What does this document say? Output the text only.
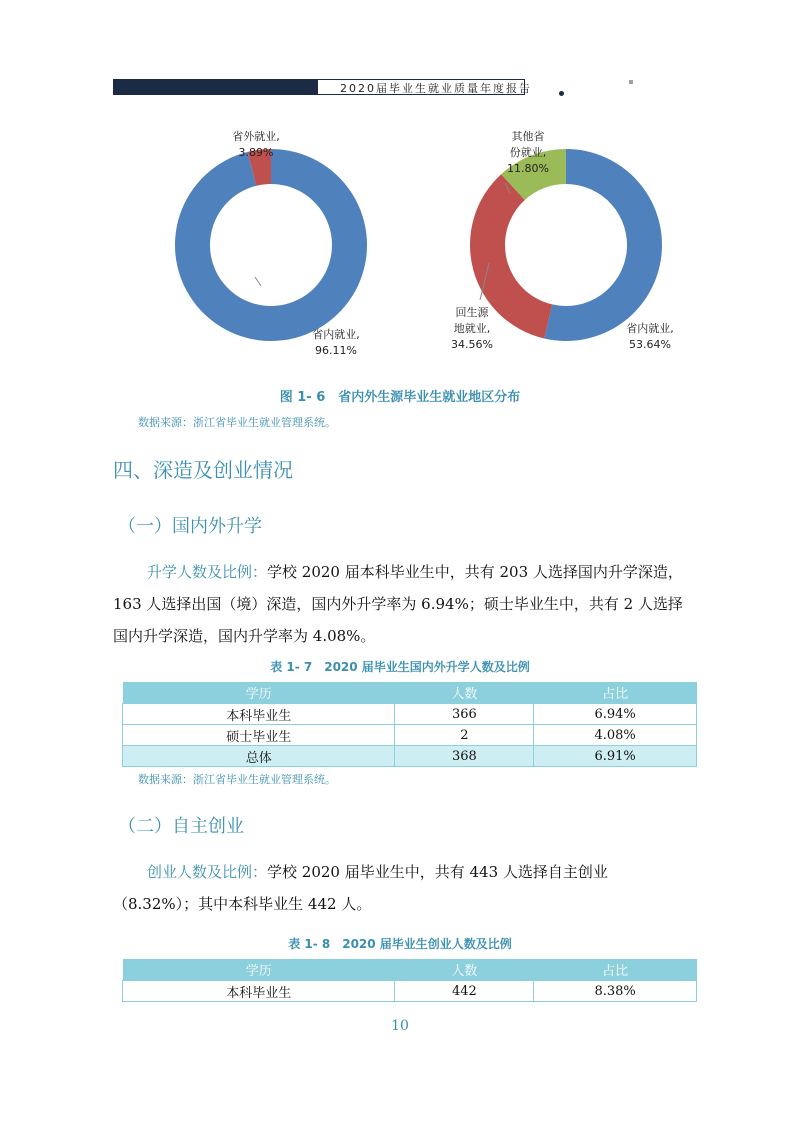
2020届毕业生就业质量年度报告
省外就业,
3.89%
省内就业,
96.11%
其他省
份就业,
11.80%
回生源
地就业,
34.56%
省内就业,
53.64%
图 1- 6　省内外生源毕业生就业地区分布
数据来源：浙江省毕业生就业管理系统。
四、深造及创业情况
（一）国内外升学

升学人数及比例：学校 2020 届本科毕业生中，共有 203 人选择国内升学深造，163 人选择出国（境）深造，国内外升学率为 6.94%；硕士毕业生中，共有 2 人选择国内升学深造，国内升学率为 4.08%。

表 1- 7　2020 届毕业生国内外升学人数及比例
学历	人数	占比
本科毕业生	366	6.94%
硕士毕业生	2	4.08%
总体	368	6.91%
数据来源：浙江省毕业生就业管理系统。
（二）自主创业

创业人数及比例：学校 2020 届毕业生中，共有 443 人选择自主创业（8.32%）；其中本科毕业生 442 人。

表 1- 8　2020 届毕业生创业人数及比例
学历	人数	占比
本科毕业生	442	8.38%
10
